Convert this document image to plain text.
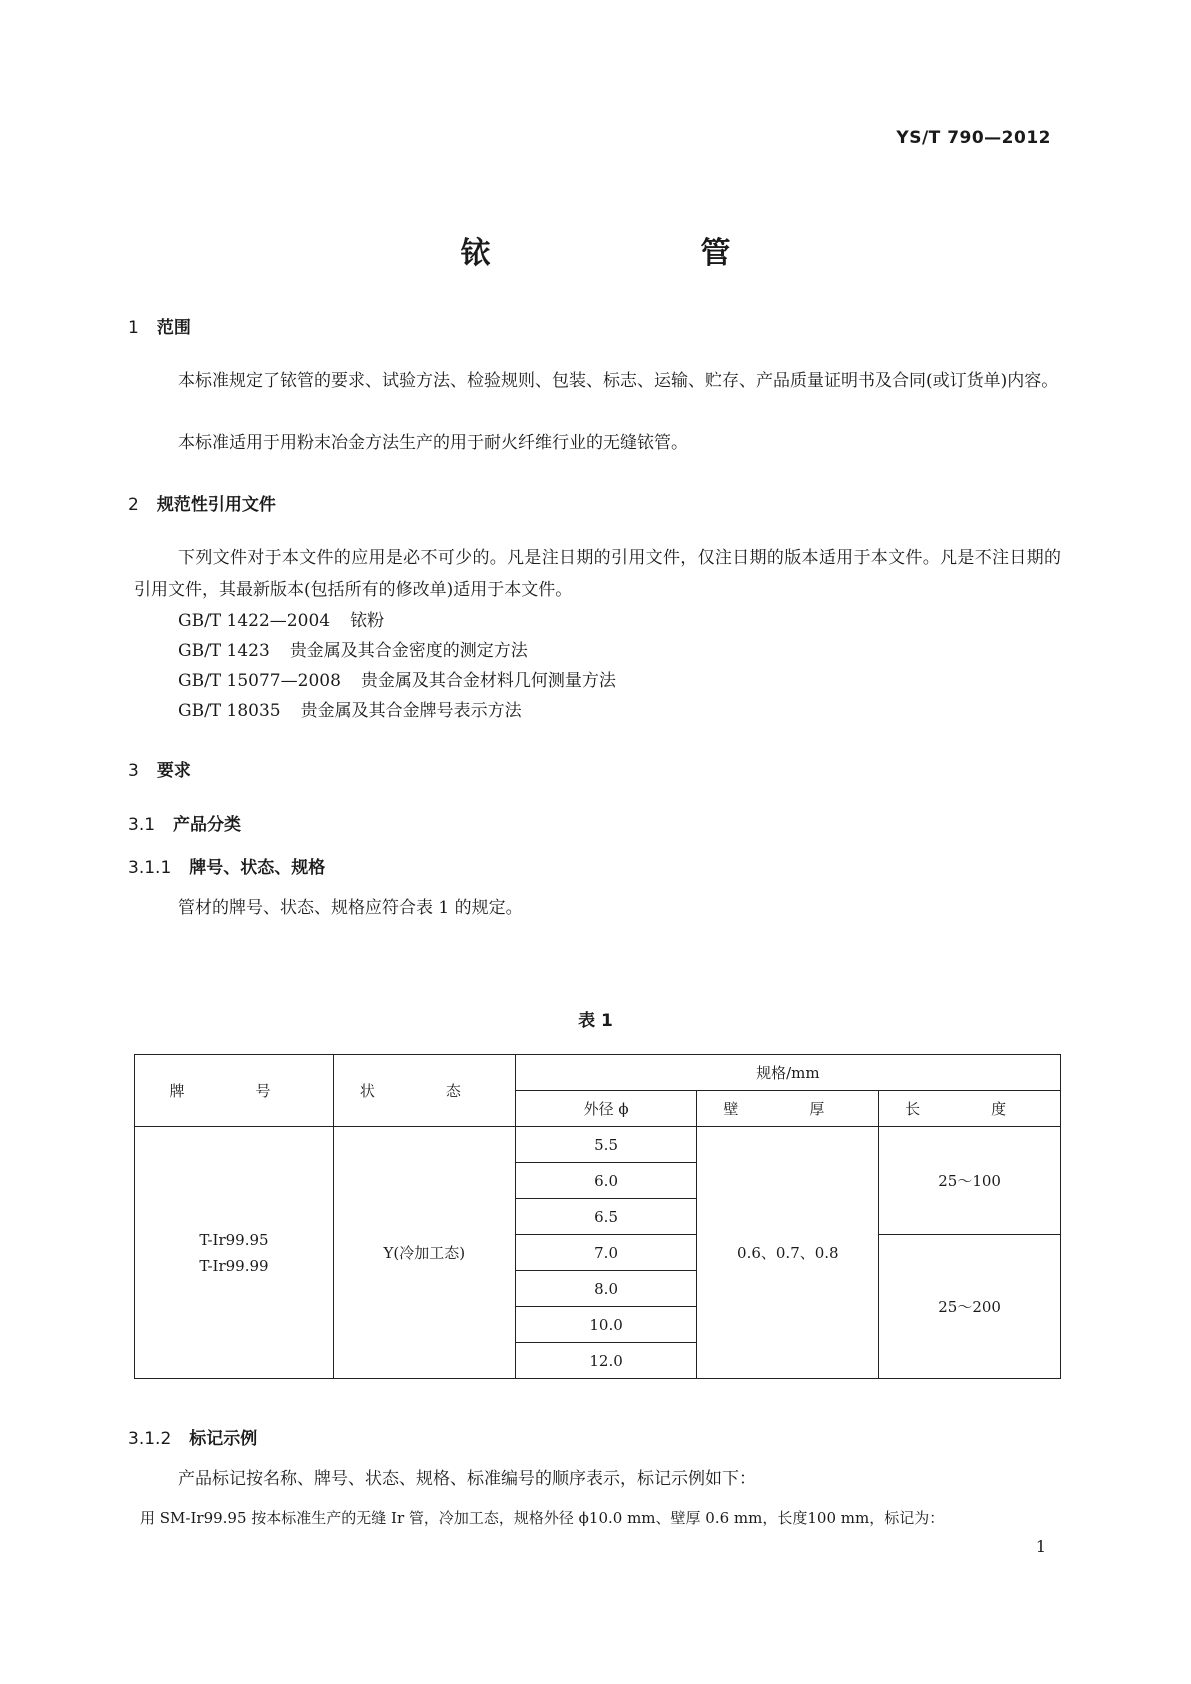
YS/T 790—2012
铱　管
1 范围
本标准规定了铱管的要求、试验方法、检验规则、包装、标志、运输、贮存、产品质量证明书及合同(或订货单)内容。
本标准适用于用粉末冶金方法生产的用于耐火纤维行业的无缝铱管。
2 规范性引用文件
下列文件对于本文件的应用是必不可少的。凡是注日期的引用文件，仅注日期的版本适用于本文件。凡是不注日期的引用文件，其最新版本(包括所有的修改单)适用于本文件。
GB/T 1422—2004 铱粉
GB/T 1423 贵金属及其合金密度的测定方法
GB/T 15077—2008 贵金属及其合金材料几何测量方法
GB/T 18035 贵金属及其合金牌号表示方法
3 要求
3.1 产品分类
3.1.1 牌号、状态、规格
管材的牌号、状态、规格应符合表 1 的规定。
表 1
牌　号	状　态	规格/mm		
		外径 ϕ	壁　厚	长　度

T-Ir99.95
T-Ir99.99	Y(冷加工态)	5.5	0.6、0.7、0.8	25～100
		6.0		
		6.5		
		7.0		25～200
		8.0		
		10.0		
		12.0		
3.1.2 标记示例
产品标记按名称、牌号、状态、规格、标准编号的顺序表示，标记示例如下：
用 SM-Ir99.95 按本标准生产的无缝 Ir 管，冷加工态，规格外径 ϕ10.0 mm、壁厚 0.6 mm，长度100 mm，标记为：
1
